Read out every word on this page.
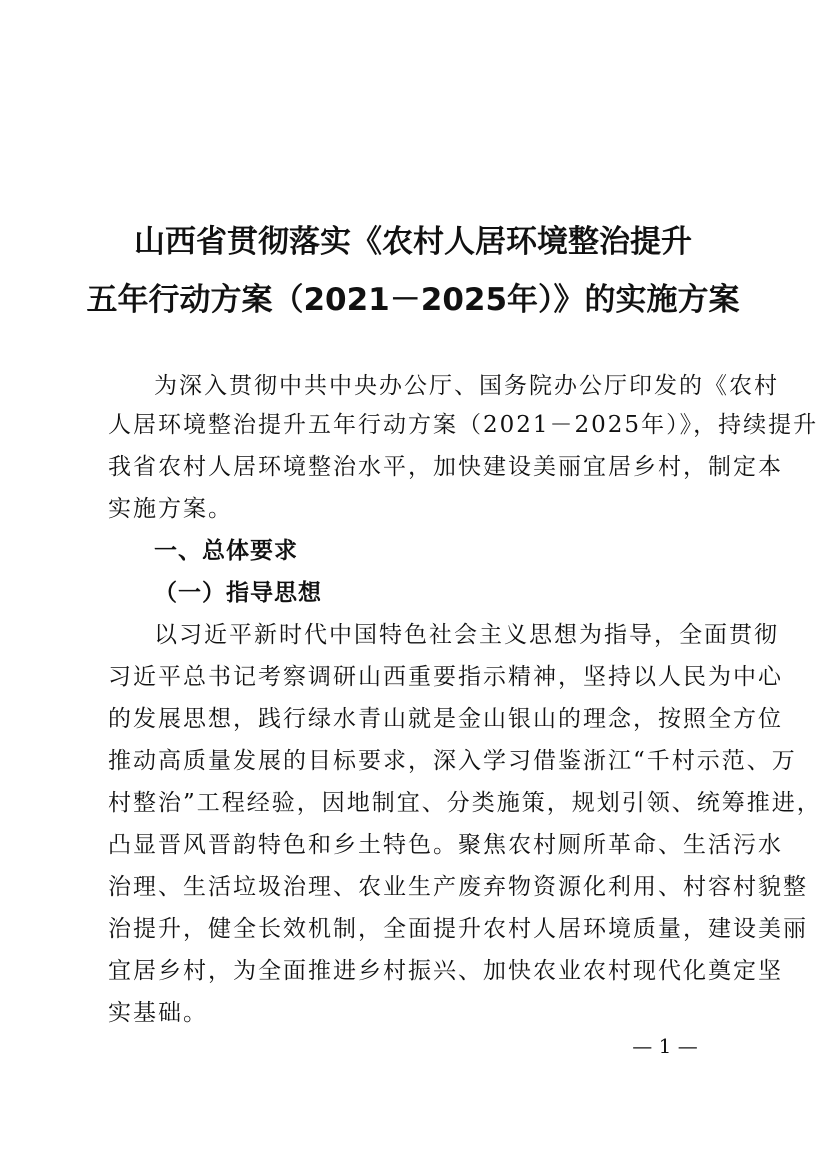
山西省贯彻落实《农村人居环境整治提升
五年行动方案（2021－2025年）》的实施方案

为深入贯彻中共中央办公厅、国务院办公厅印发的《农村

人居环境整治提升五年行动方案（2021－2025年）》，持续提升

我省农村人居环境整治水平，加快建设美丽宜居乡村，制定本

实施方案。

一、总体要求

（一）指导思想

以习近平新时代中国特色社会主义思想为指导，全面贯彻

习近平总书记考察调研山西重要指示精神，坚持以人民为中心

的发展思想，践行绿水青山就是金山银山的理念，按照全方位

推动高质量发展的目标要求，深入学习借鉴浙江“千村示范、万

村整治”工程经验，因地制宜、分类施策，规划引领、统筹推进，

凸显晋风晋韵特色和乡土特色。聚焦农村厕所革命、生活污水

治理、生活垃圾治理、农业生产废弃物资源化利用、村容村貌整

治提升，健全长效机制，全面提升农村人居环境质量，建设美丽

宜居乡村，为全面推进乡村振兴、加快农业农村现代化奠定坚

实基础。

— 1 —
